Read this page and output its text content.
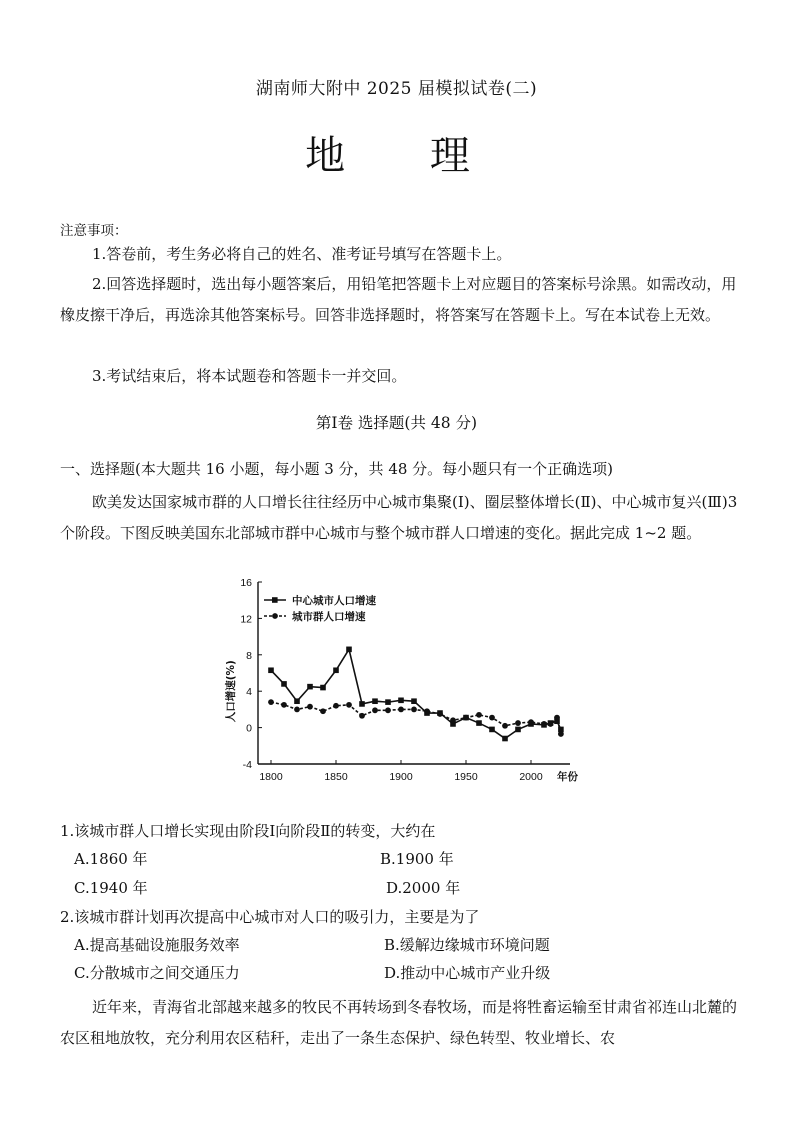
湖南师大附中 2025 届模拟试卷(二)
地 理
注意事项：
1.答卷前，考生务必将自己的姓名、准考证号填写在答题卡上。
2.回答选择题时，选出每小题答案后，用铅笔把答题卡上对应题目的答案标号涂黑。如需改动，用橡皮擦干净后，再选涂其他答案标号。回答非选择题时，将答案写在答题卡上。写在本试卷上无效。
3.考试结束后，将本试题卷和答题卡一并交回。
第Ⅰ卷 选择题(共 48 分)
一、选择题(本大题共 16 小题，每小题 3 分，共 48 分。每小题只有一个正确选项)
欧美发达国家城市群的人口增长往往经历中心城市集聚(Ⅰ)、圈层整体增长(Ⅱ)、中心城市复兴(Ⅲ)3 个阶段。下图反映美国东北部城市群中心城市与整个城市群人口增速的变化。据此完成 1~2 题。
-4
0
4
8
12
16
1800	1850	1900	1950	2000 年份
人口增速(%)
中心城市人口增速
城市群人口增速
1.该城市群人口增长实现由阶段Ⅰ向阶段Ⅱ的转变，大约在
A.1860 年	B.1900 年
C.1940 年	D.2000 年
2.该城市群计划再次提高中心城市对人口的吸引力，主要是为了
A.提高基础设施服务效率	B.缓解边缘城市环境问题
C.分散城市之间交通压力	D.推动中心城市产业升级
近年来，青海省北部越来越多的牧民不再转场到冬春牧场，而是将牲畜运输至甘肃省祁连山北麓的农区租地放牧，充分利用农区秸秆，走出了一条生态保护、绿色转型、牧业增长、农
